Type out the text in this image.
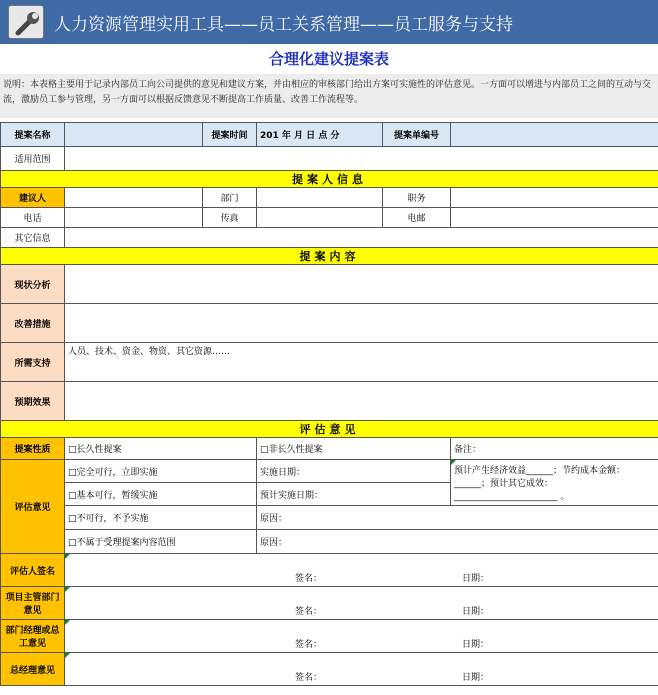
人力资源管理实用工具——员工关系管理——员工服务与支持
合理化建议提案表
说明：本表格主要用于记录内部员工向公司提供的意见和建议方案，并由相应的审核部门给出方案可实施性的评估意见。一方面可以增进与内部员工之间的互动与交流，激励员工参与管理，另一方面可以根据反馈意见不断提高工作质量、改善工作流程等。
提案名称		提案时间	201 年 月 日 点 分	提案单编号	
适用范围					
提案人信息					
建议人		部门		职务	
电话		传真		电邮	
其它信息					
提案内容					
现状分析					
改善措施					
所需支持	人员、技术、资金、物资、其它资源……				
预期效果					
评估意见					
提案性质	□长久性提案		□非长久性提案		备注：
评估意见	□完全可行，立即实施		实施日期：		预计产生经济效益______；节约成本金额：______；预计其它成效：_______________________ 。
	□基本可行，暂缓实施		预计实施日期：		
	□不可行，不予实施		原因：		
	□不属于受理提案内容范围		原因：		
评估人签名	签名： 日期：				

项目主管部门意见	签名： 日期：				

部门经理或总工意见	签名： 日期：				

总经理意见	签名： 日期：				
